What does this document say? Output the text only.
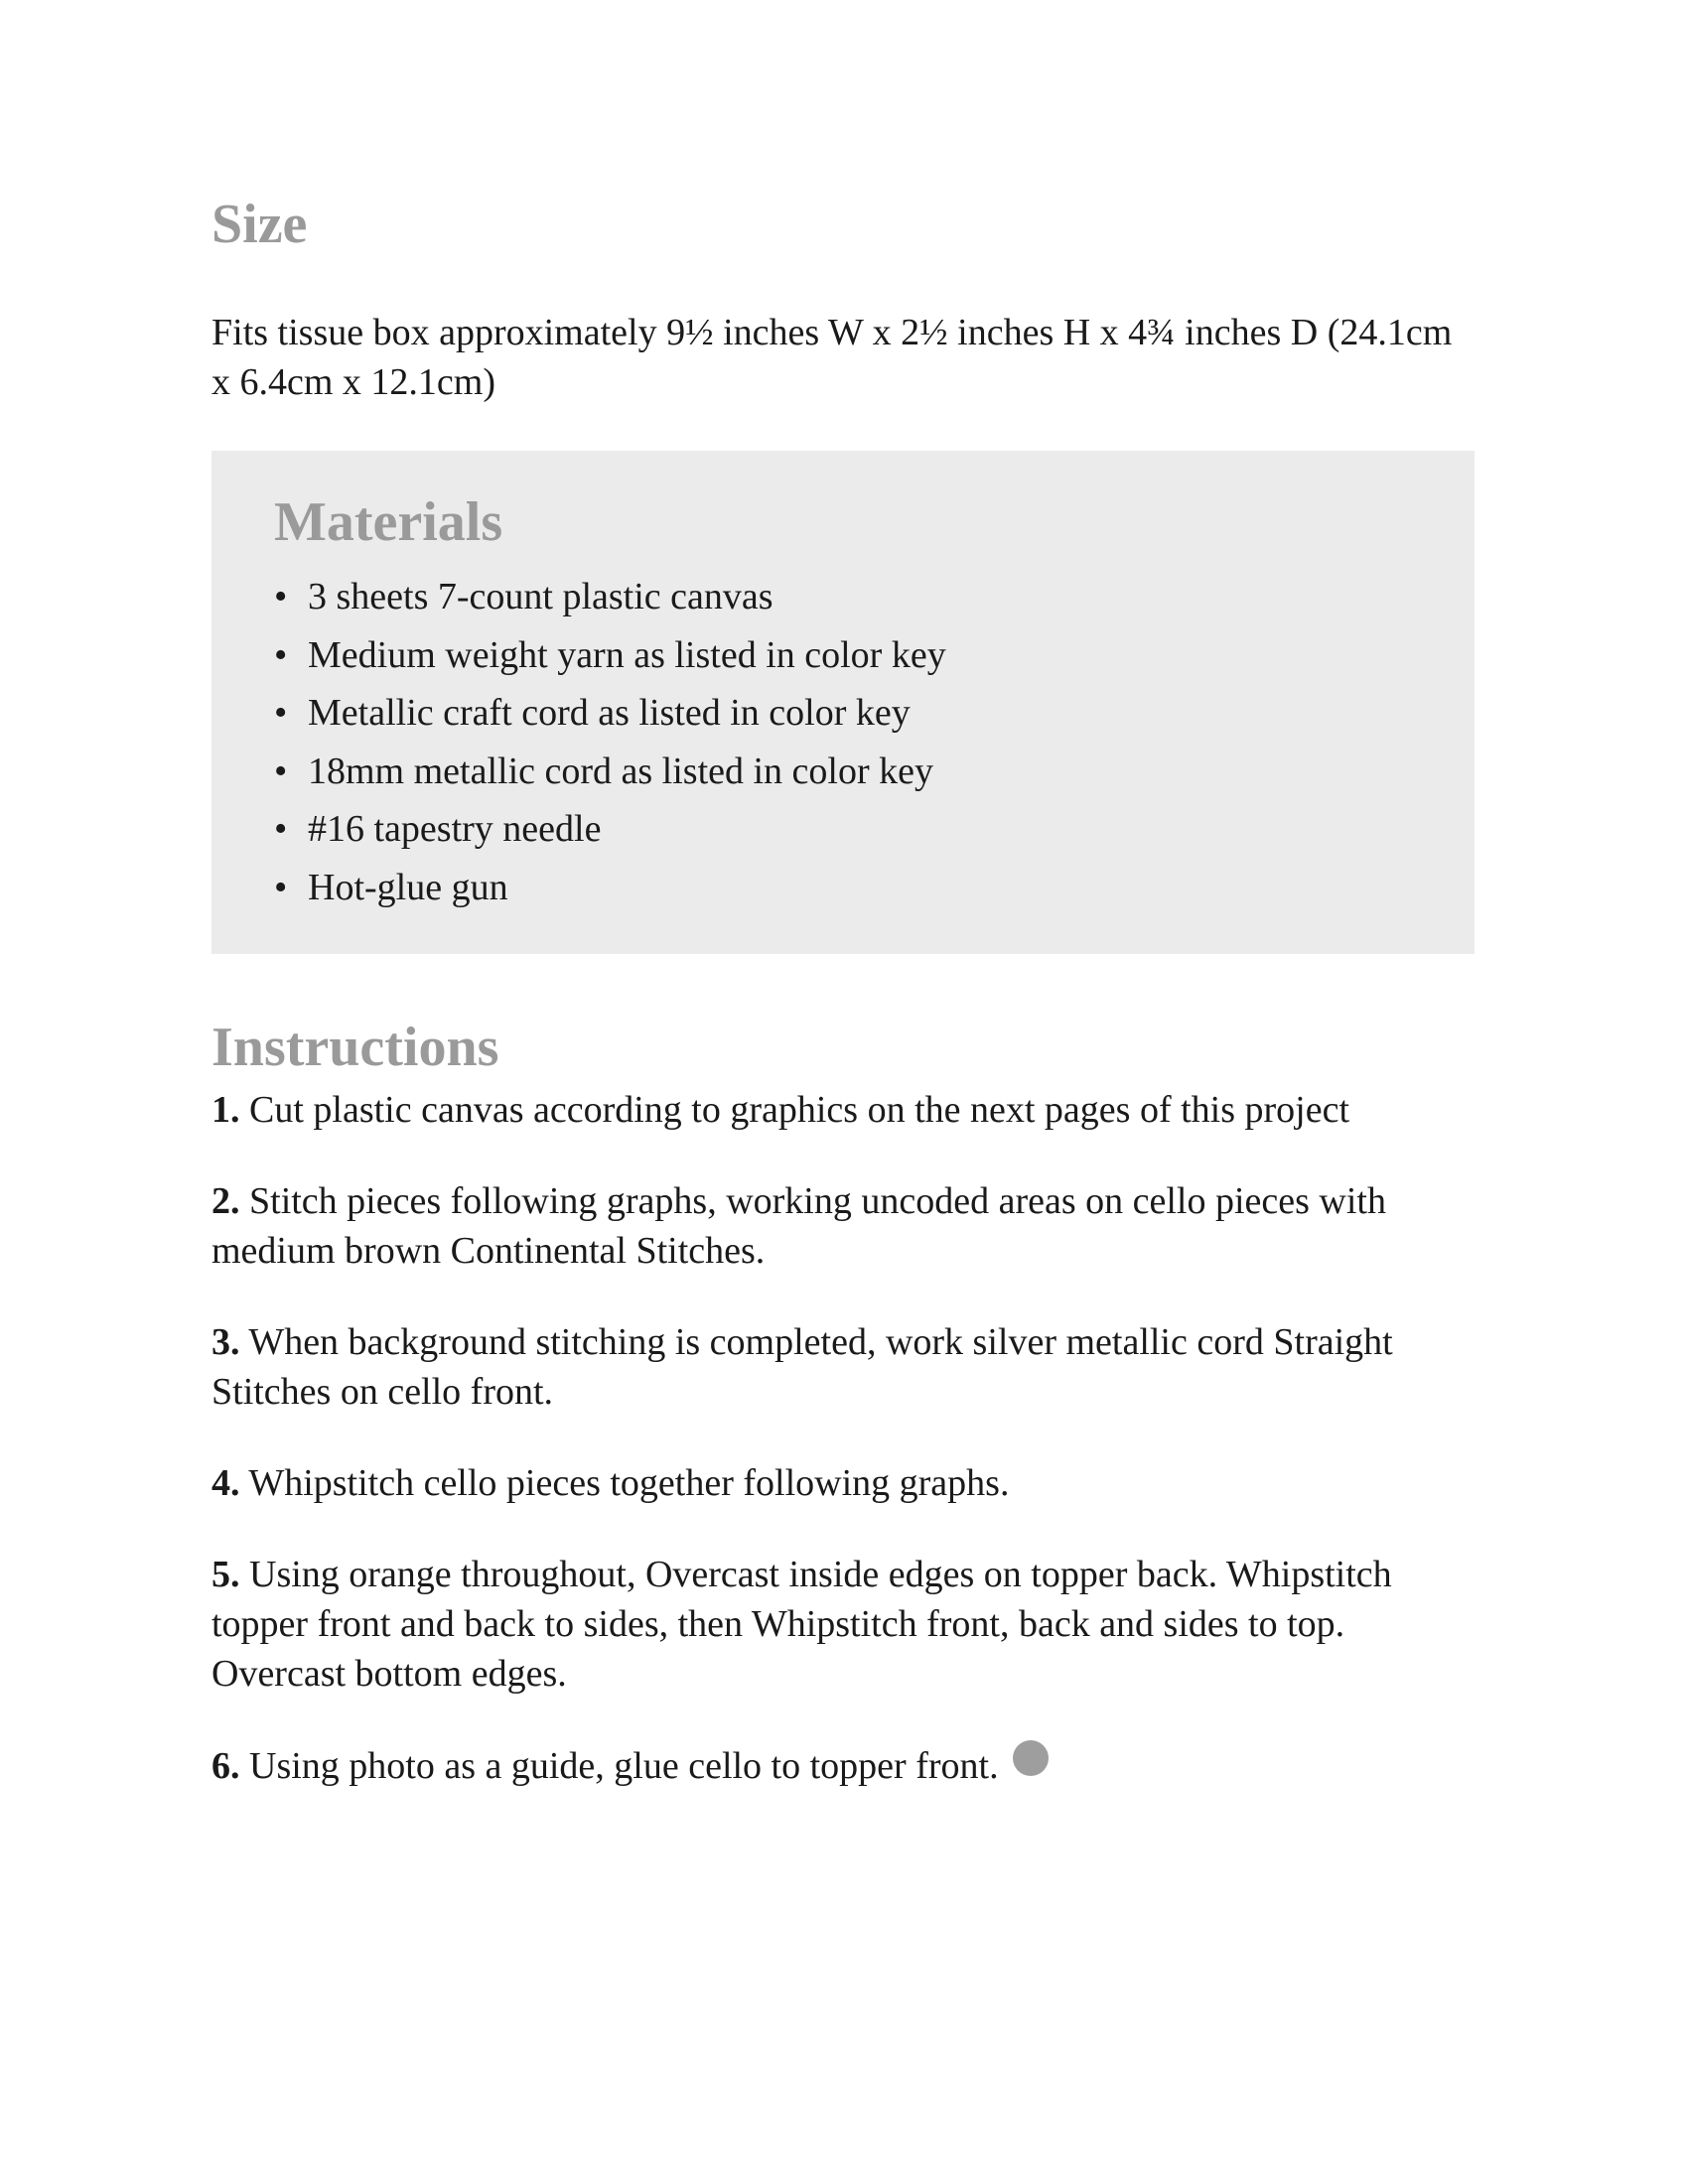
Size

Fits tissue box approximately 9½ inches W x 2½ inches H x 4¾ inches D (24.1cm x 6.4cm x 12.1cm)

Materials
• 3 sheets 7-count plastic canvas
• Medium weight yarn as listed in color key
• Metallic craft cord as listed in color key
• 18mm metallic cord as listed in color key
• #16 tapestry needle
• Hot-glue gun
Instructions

1. Cut plastic canvas according to graphics on the next pages of this project

2. Stitch pieces following graphs, working uncoded areas on cello pieces with medium brown Continental Stitches.

3. When background stitching is completed, work silver metallic cord Straight Stitches on cello front.

4. Whipstitch cello pieces together following graphs.

5. Using orange throughout, Overcast inside edges on topper back. Whipstitch topper front and back to sides, then Whipstitch front, back and sides to top. Overcast bottom edges.

6. Using photo as a guide, glue cello to topper front.
